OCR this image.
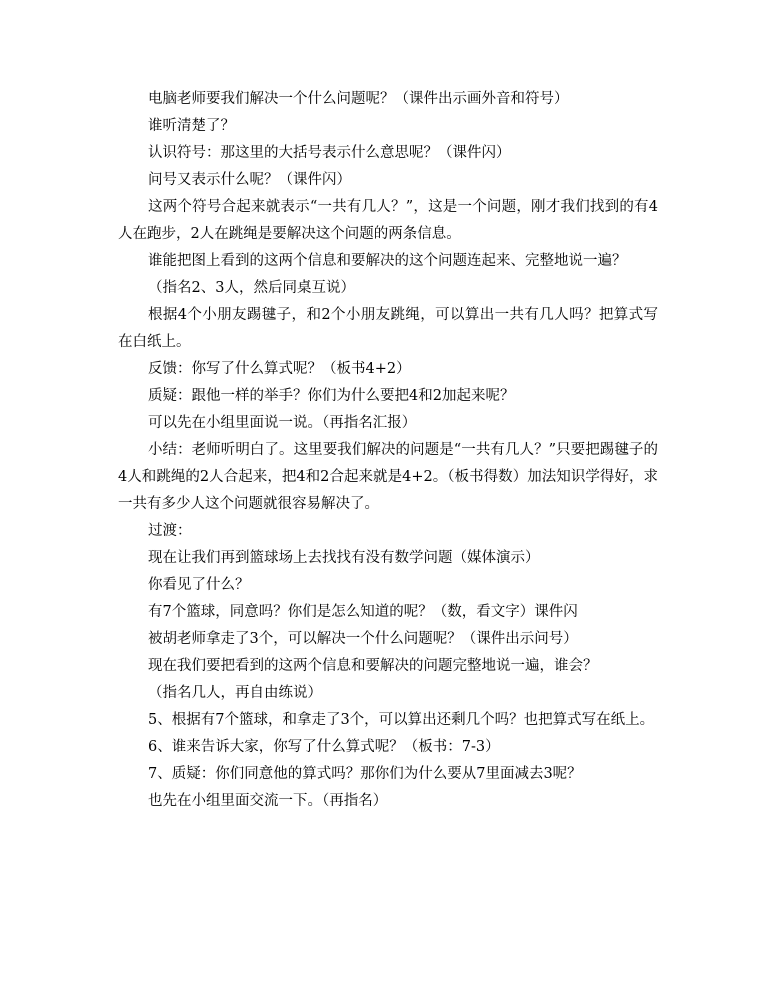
电脑老师要我们解决一个什么问题呢？（课件出示画外音和符号）

谁听清楚了？

认识符号：那这里的大括号表示什么意思呢？（课件闪）

问号又表示什么呢？（课件闪）

这两个符号合起来就表示“一共有几人？”，这是一个问题，刚才我们找到的有4人在跑步，2人在跳绳是要解决这个问题的两条信息。

谁能把图上看到的这两个信息和要解决的这个问题连起来、完整地说一遍？

（指名2、3人，然后同桌互说）

根据4个小朋友踢毽子，和2个小朋友跳绳，可以算出一共有几人吗？把算式写在白纸上。

反馈：你写了什么算式呢？（板书4+2）

质疑：跟他一样的举手？你们为什么要把4和2加起来呢？

可以先在小组里面说一说。（再指名汇报）

小结：老师听明白了。这里要我们解决的问题是“一共有几人？”只要把踢毽子的4人和跳绳的2人合起来，把4和2合起来就是4+2。（板书得数）加法知识学得好，求一共有多少人这个问题就很容易解决了。

过渡：

现在让我们再到篮球场上去找找有没有数学问题（媒体演示）

你看见了什么？

有7个篮球，同意吗？你们是怎么知道的呢？（数，看文字）课件闪

被胡老师拿走了3个，可以解决一个什么问题呢？（课件出示问号）

现在我们要把看到的这两个信息和要解决的问题完整地说一遍，谁会？

（指名几人，再自由练说）

5、根据有7个篮球，和拿走了3个，可以算出还剩几个吗？也把算式写在纸上。

6、谁来告诉大家，你写了什么算式呢？（板书：7-3）

7、质疑：你们同意他的算式吗？那你们为什么要从7里面减去3呢？

也先在小组里面交流一下。（再指名）
